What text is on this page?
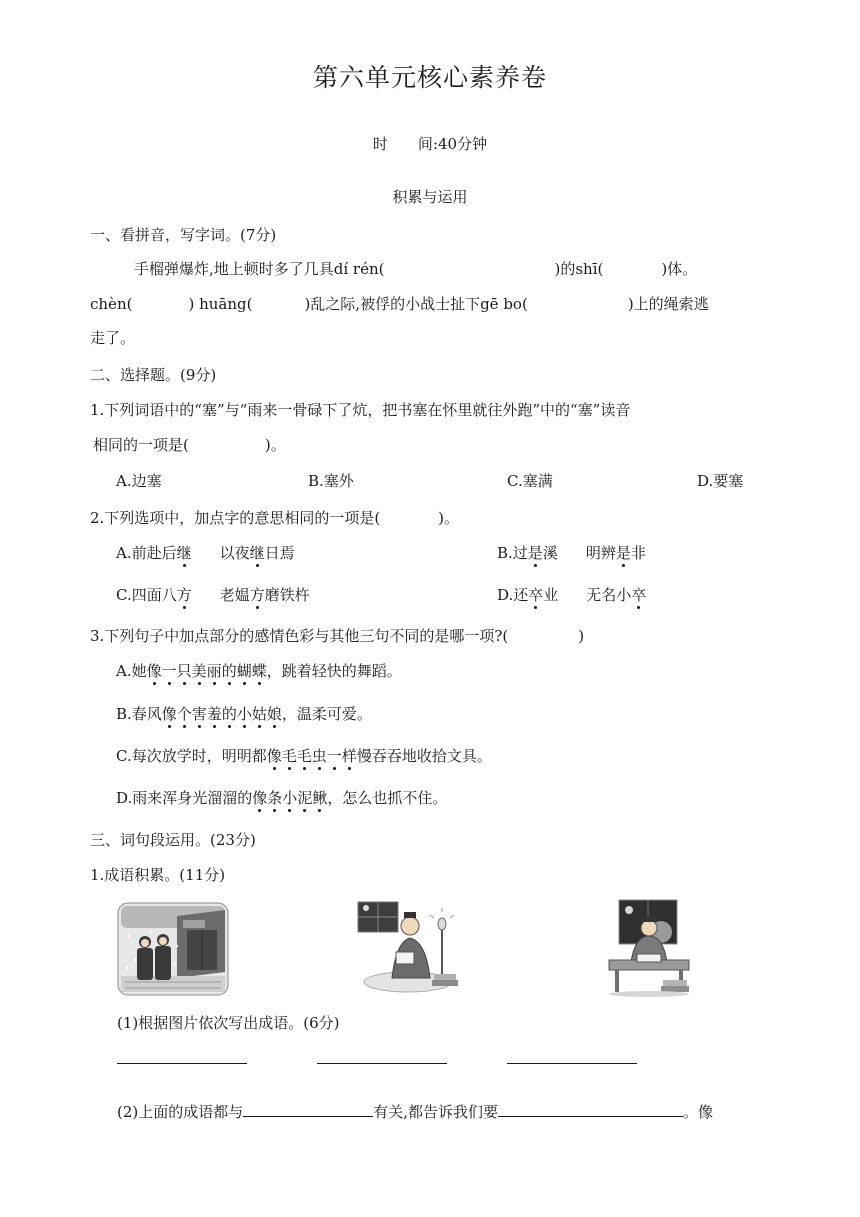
第六单元核心素养卷
时　　间:40分钟
积累与运用
一、看拼音，写字词。(7分)
手榴弹爆炸,地上顿时多了几具dí rén(	)的shī(	)体。
chèn(	) huāng(	)乱之际,被俘的小战士扯下gē bo(	)上的绳索逃
走了。
二、选择题。(9分)
1.下列词语中的“塞”与“雨来一骨碌下了炕，把书塞在怀里就往外跑”中的“塞”读音
相同的一项是(	)。
A.边塞	B.塞外	C.塞满	D.要塞
2.下列选项中，加点字的意思相同的一项是(	)。
A.前赴后继 以夜继日焉	B.过是溪 明辨是非
C.四面八方 老媪方磨铁杵	D.还卒业 无名小卒
3.下列句子中加点部分的感情色彩与其他三句不同的是哪一项?(	)
A.她像一只美丽的蝴蝶，跳着轻快的舞蹈。
B.春风像个害羞的小姑娘，温柔可爱。
C.每次放学时，明明都像毛毛虫一样慢吞吞地收拾文具。
D.雨来浑身光溜溜的像条小泥鳅，怎么也抓不住。
三、词句段运用。(23分)
1.成语积累。(11分)
(1)根据图片依次写出成语。(6分)
(2)上面的成语都与	有关,都告诉我们要	。像
